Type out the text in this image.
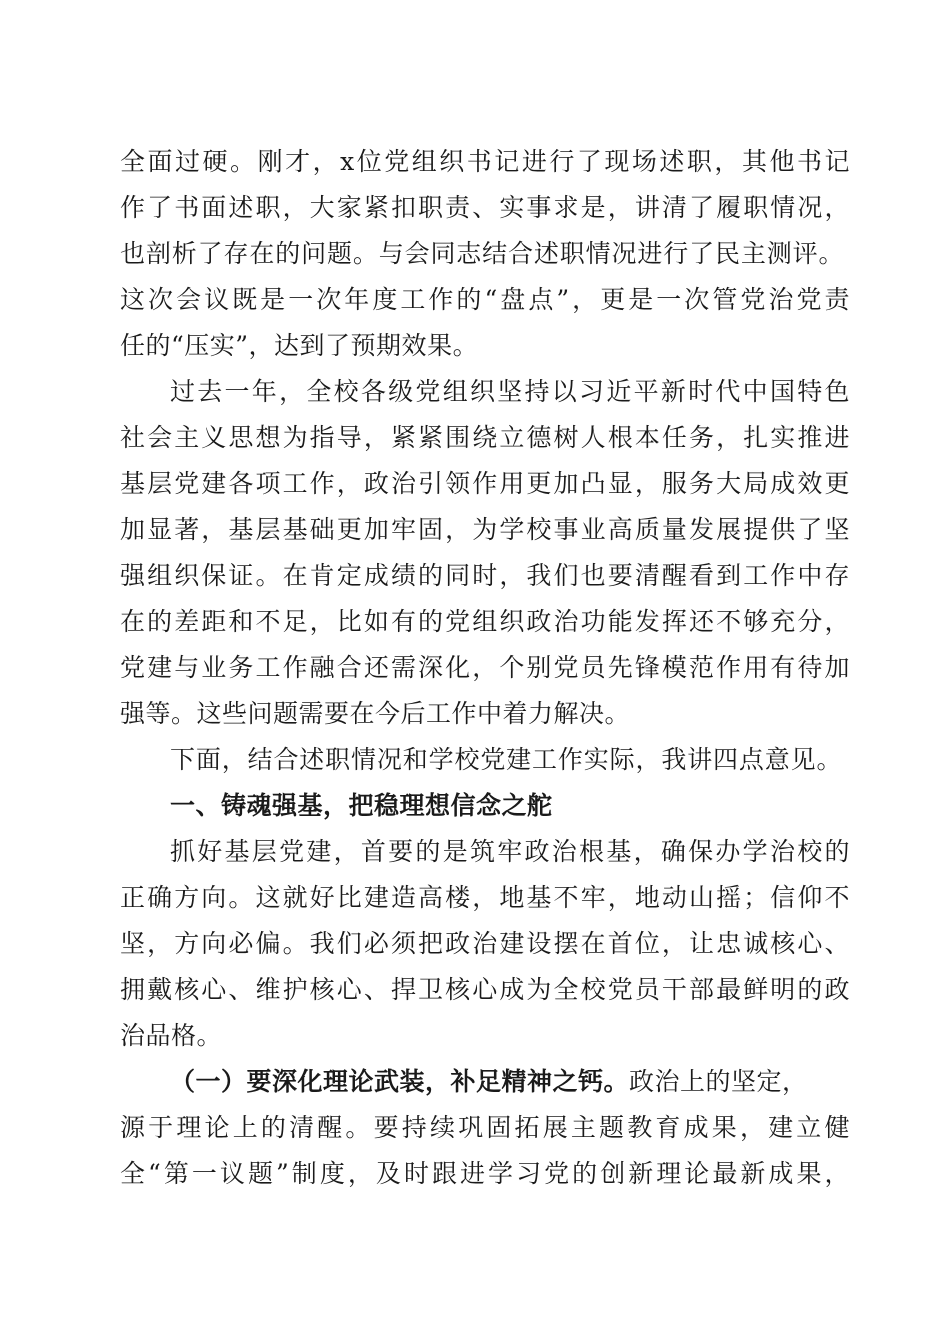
全面过硬。刚才，x位党组织书记进行了现场述职，其他书记
作了书面述职，大家紧扣职责、实事求是，讲清了履职情况，
也剖析了存在的问题。与会同志结合述职情况进行了民主测评。
这次会议既是一次年度工作的“盘点”，更是一次管党治党责
任的“压实”，达到了预期效果。
过去一年，全校各级党组织坚持以习近平新时代中国特色
社会主义思想为指导，紧紧围绕立德树人根本任务，扎实推进
基层党建各项工作，政治引领作用更加凸显，服务大局成效更
加显著，基层基础更加牢固，为学校事业高质量发展提供了坚
强组织保证。在肯定成绩的同时，我们也要清醒看到工作中存
在的差距和不足，比如有的党组织政治功能发挥还不够充分，
党建与业务工作融合还需深化，个别党员先锋模范作用有待加
强等。这些问题需要在今后工作中着力解决。
下面，结合述职情况和学校党建工作实际，我讲四点意见。
一、铸魂强基，把稳理想信念之舵
抓好基层党建，首要的是筑牢政治根基，确保办学治校的
正确方向。这就好比建造高楼，地基不牢，地动山摇；信仰不
坚，方向必偏。我们必须把政治建设摆在首位，让忠诚核心、
拥戴核心、维护核心、捍卫核心成为全校党员干部最鲜明的政
治品格。
（一）要深化理论武装，补足精神之钙。政治上的坚定，
源于理论上的清醒。要持续巩固拓展主题教育成果，建立健
全“第一议题”制度，及时跟进学习党的创新理论最新成果，
